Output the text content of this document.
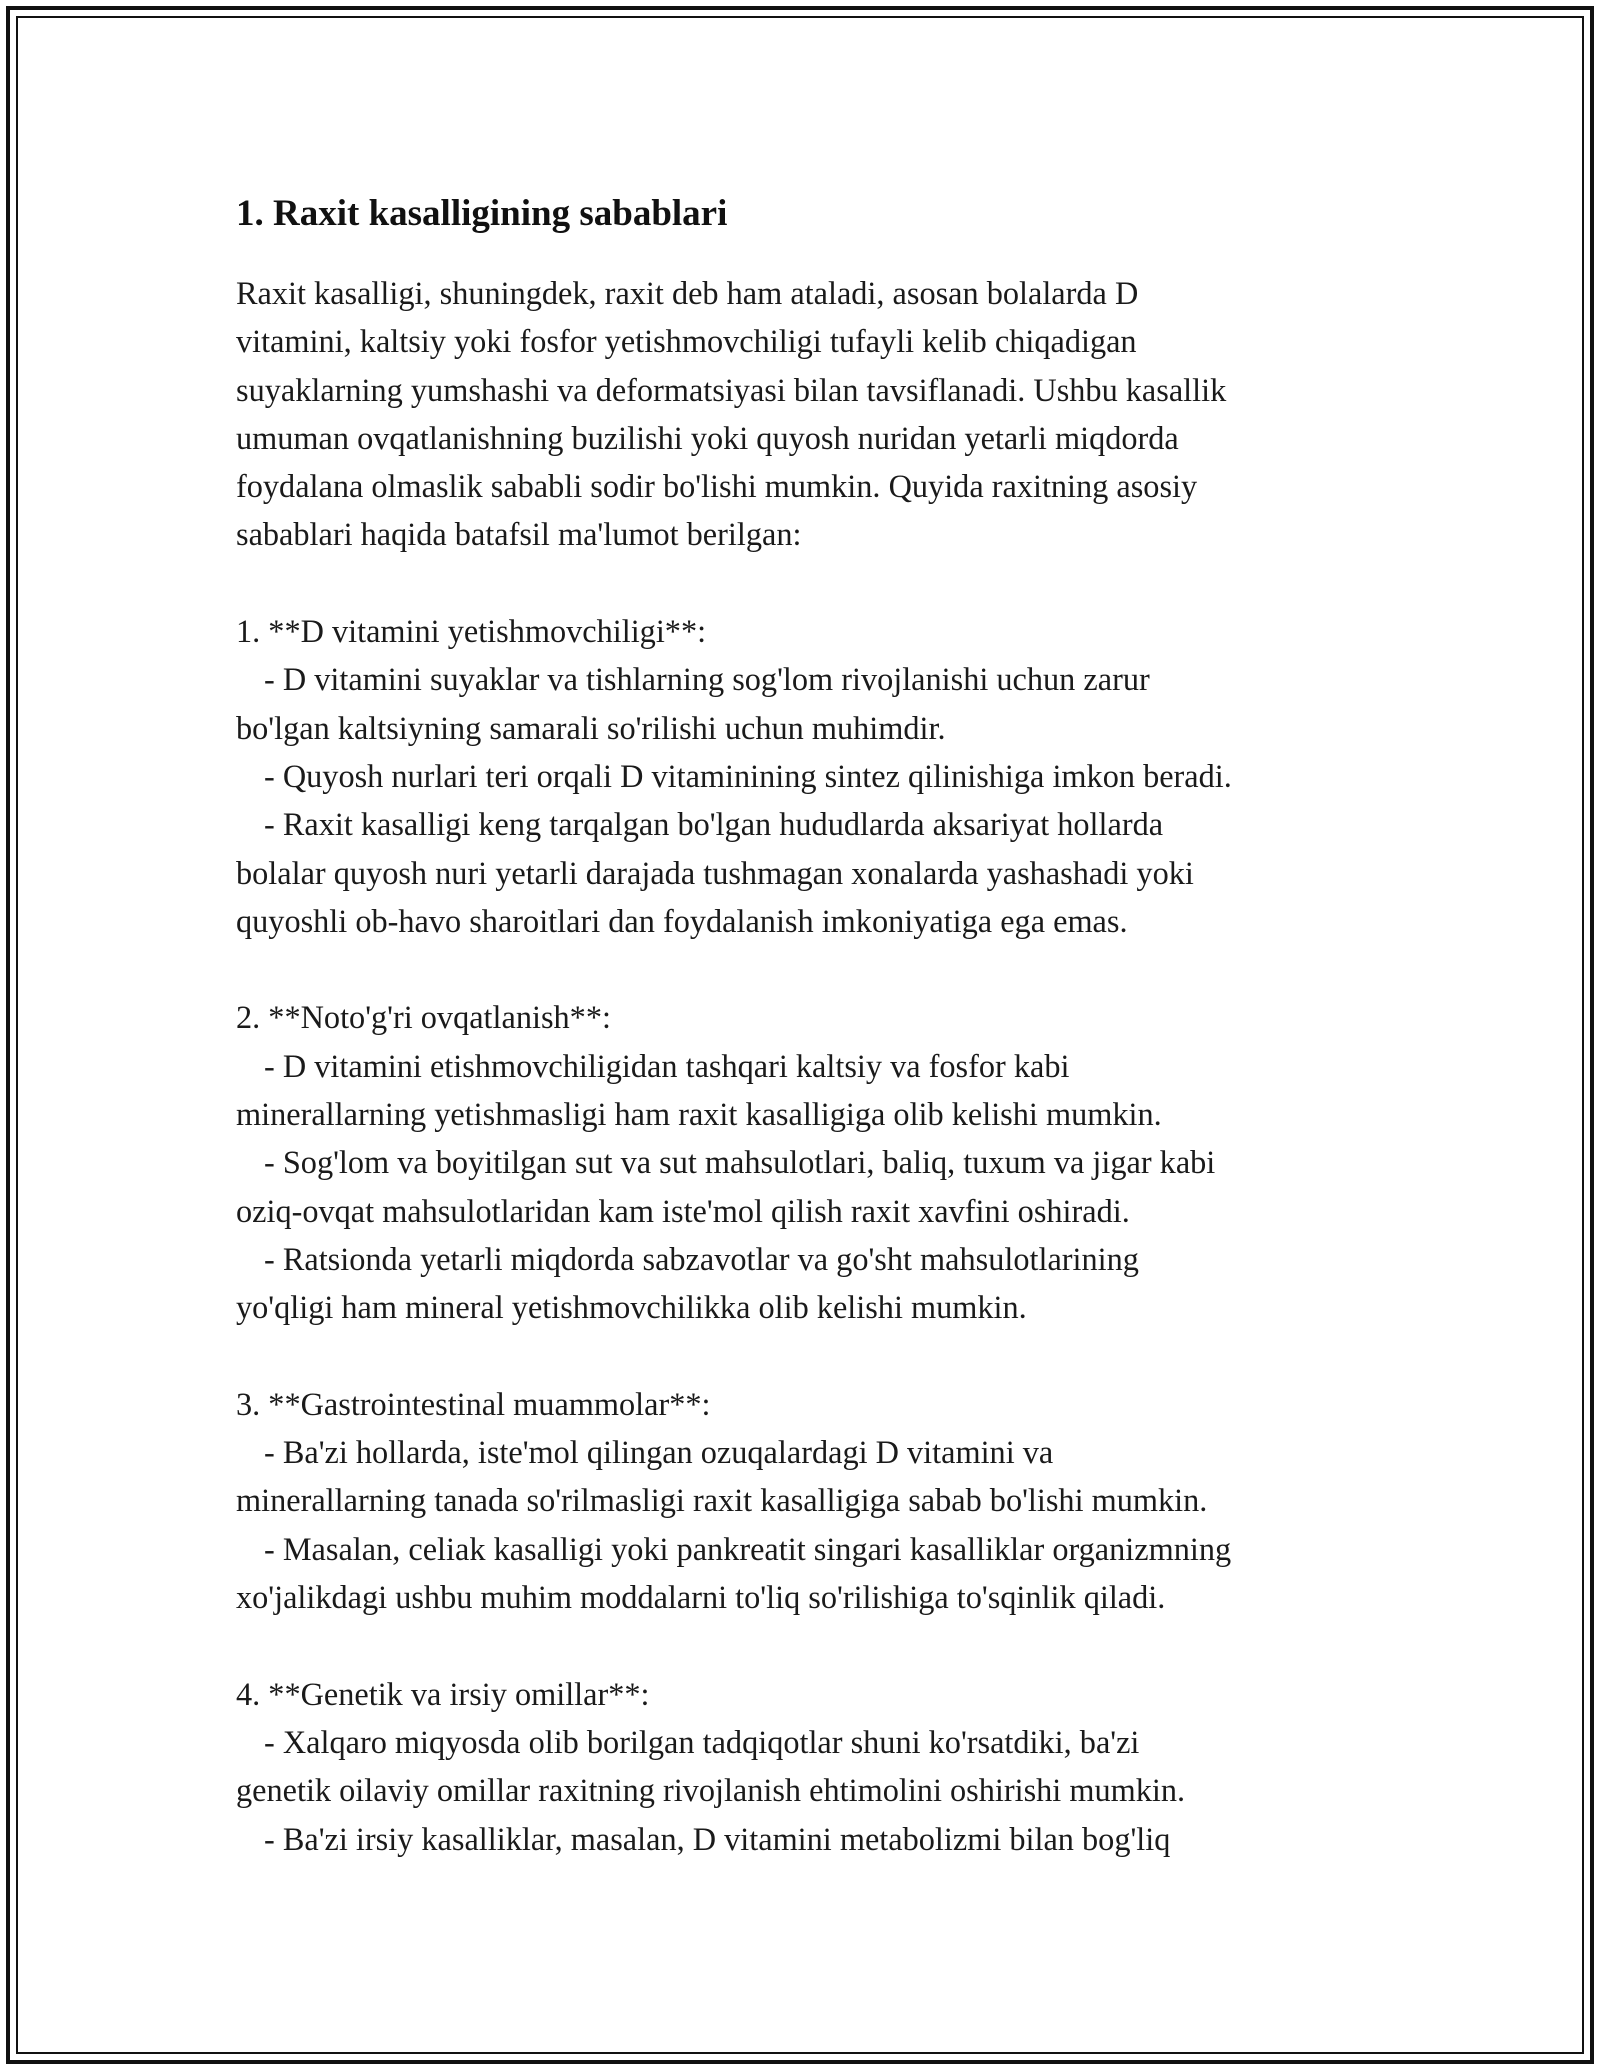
1. Raxit kasalligining sabablari
Raxit kasalligi, shuningdek, raxit deb ham ataladi, asosan bolalarda D
vitamini, kaltsiy yoki fosfor yetishmovchiligi tufayli kelib chiqadigan
suyaklarning yumshashi va deformatsiyasi bilan tavsiflanadi. Ushbu kasallik
umuman ovqatlanishning buzilishi yoki quyosh nuridan yetarli miqdorda
foydalana olmaslik sababli sodir bo'lishi mumkin. Quyida raxitning asosiy
sabablari haqida batafsil ma'lumot berilgan:
1. **D vitamini yetishmovchiligi**:
- D vitamini suyaklar va tishlarning sog'lom rivojlanishi uchun zarur
bo'lgan kaltsiyning samarali so'rilishi uchun muhimdir.
- Quyosh nurlari teri orqali D vitaminining sintez qilinishiga imkon beradi.
- Raxit kasalligi keng tarqalgan bo'lgan hududlarda aksariyat hollarda
bolalar quyosh nuri yetarli darajada tushmagan xonalarda yashashadi yoki
quyoshli ob-havo sharoitlari dan foydalanish imkoniyatiga ega emas.
2. **Noto'g'ri ovqatlanish**:
- D vitamini etishmovchiligidan tashqari kaltsiy va fosfor kabi
minerallarning yetishmasligi ham raxit kasalligiga olib kelishi mumkin.
- Sog'lom va boyitilgan sut va sut mahsulotlari, baliq, tuxum va jigar kabi
oziq-ovqat mahsulotlaridan kam iste'mol qilish raxit xavfini oshiradi.
- Ratsionda yetarli miqdorda sabzavotlar va go'sht mahsulotlarining
yo'qligi ham mineral yetishmovchilikka olib kelishi mumkin.
3. **Gastrointestinal muammolar**:
- Ba'zi hollarda, iste'mol qilingan ozuqalardagi D vitamini va
minerallarning tanada so'rilmasligi raxit kasalligiga sabab bo'lishi mumkin.
- Masalan, celiak kasalligi yoki pankreatit singari kasalliklar organizmning
xo'jalikdagi ushbu muhim moddalarni to'liq so'rilishiga to'sqinlik qiladi.
4. **Genetik va irsiy omillar**:
- Xalqaro miqyosda olib borilgan tadqiqotlar shuni ko'rsatdiki, ba'zi
genetik oilaviy omillar raxitning rivojlanish ehtimolini oshirishi mumkin.
- Ba'zi irsiy kasalliklar, masalan, D vitamini metabolizmi bilan bog'liq
